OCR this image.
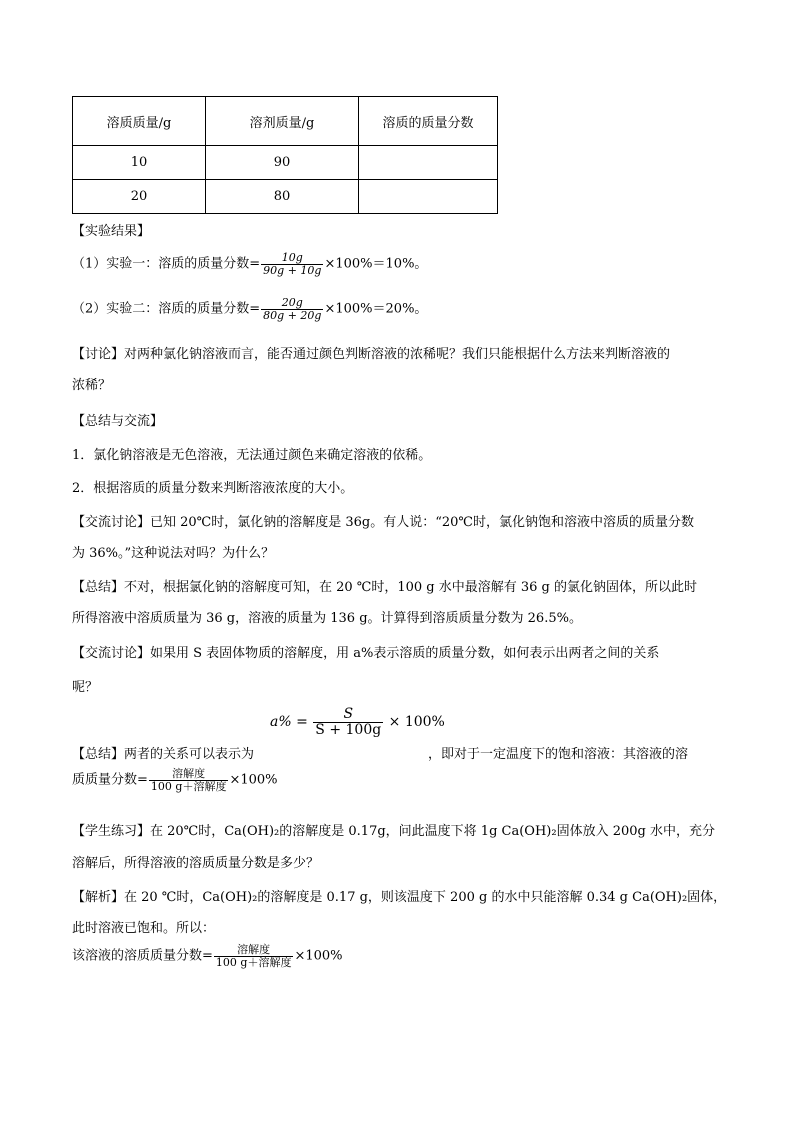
溶质质量/g	溶剂质量/g	溶质的质量分数
10	90	
20	80	
【实验结果】
（1）实验一：溶质的质量分数= $\frac{10g}{90g + 10g} \times 100\%=10\%$。
（2）实验二：溶质的质量分数= $\frac{20g}{80g + 20g} \times 100\%=20\%$。
【讨论】对两种氯化钠溶液而言，能否通过颜色判断溶液的浓稀呢？我们只能根据什么方法来判断溶液的
浓稀？
【总结与交流】
1．氯化钠溶液是无色溶液，无法通过颜色来确定溶液的依稀。
2．根据溶质的质量分数来判断溶液浓度的大小。
【交流讨论】已知 20℃时，氯化钠的溶解度是 36g。有人说：“20℃时，氯化钠饱和溶液中溶质的质量分数
为 36%。”这种说法对吗？为什么？
【总结】不对，根据氯化钠的溶解度可知，在 20 ℃时，100 g 水中最溶解有 36 g 的氯化钠固体，所以此时
所得溶液中溶质质量为 36 g，溶液的质量为 136 g。计算得到溶质质量分数为 26.5%。
【交流讨论】如果用 S 表固体物质的溶解度，用 a%表示溶质的质量分数，如何表示出两者之间的关系
呢？
$a\% = \frac{S}{S + 100g} \times 100\%$
【总结】两者的关系可以表示为	，即对于一定温度下的饱和溶液：其溶液的溶
质质量分数= $\frac{\text{溶解度}}{\text{100 g＋溶解度}} \times 100\%$
【学生练习】在 20℃时，Ca(OH)₂的溶解度是 0.17g，问此温度下将 1g Ca(OH)₂固体放入 200g 水中，充分
溶解后，所得溶液的溶质质量分数是多少？
【解析】在 20 ℃时，Ca(OH)₂的溶解度是 0.17 g，则该温度下 200 g 的水中只能溶解 0.34 g Ca(OH)₂固体，
此时溶液已饱和。所以：
该溶液的溶质质量分数= $\frac{\text{溶解度}}{\text{100 g＋溶解度}} \times 100\%$
